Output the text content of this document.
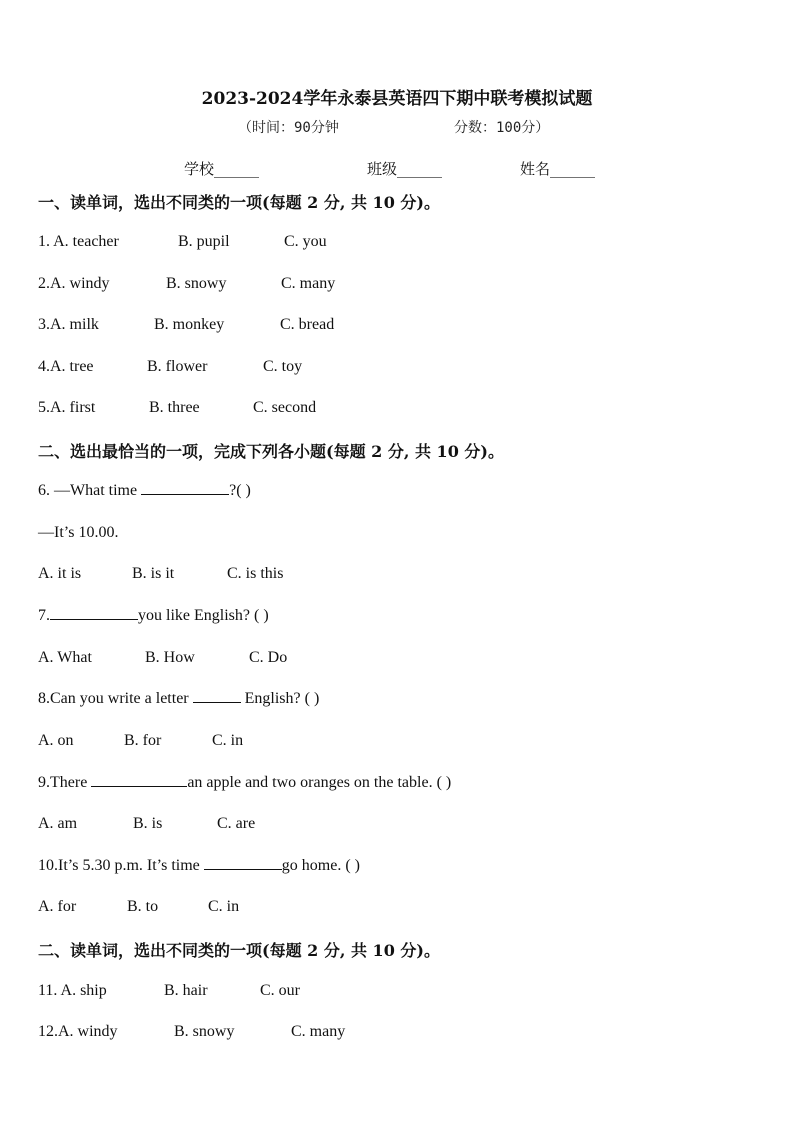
2023-2024学年永泰县英语四下期中联考模拟试题
（时间：90分钟	分数：100分）
学校______	班级______	姓名______
一、读单词，选出不同类的一项(每题 2 分, 共 10 分)。
1. A. teacher	B. pupil	C. you
2.A. windy	B. snowy	C. many
3.A. milk	B. monkey	C. bread
4.A. tree	B. flower	C. toy
5.A. first	B. three	C. second
二、选出最恰当的一项，完成下列各小题(每题 2 分, 共 10 分)。
6. —What time	?( )
—It’s 10.00.
A. it is	B. is it	C. is this
7.	you like English? ( )
A. What	B. How	C. Do
8.Can you write a letter	English? ( )
A. on	B. for	C. in
9.There	an apple and two oranges on the table. ( )
A. am	B. is	C. are
10.It’s 5.30 p.m. It’s time	go home. ( )
A. for	B. to	C. in
二、读单词，选出不同类的一项(每题 2 分, 共 10 分)。
11. A. ship	B. hair	C. our
12.A. windy	B. snowy	C. many
